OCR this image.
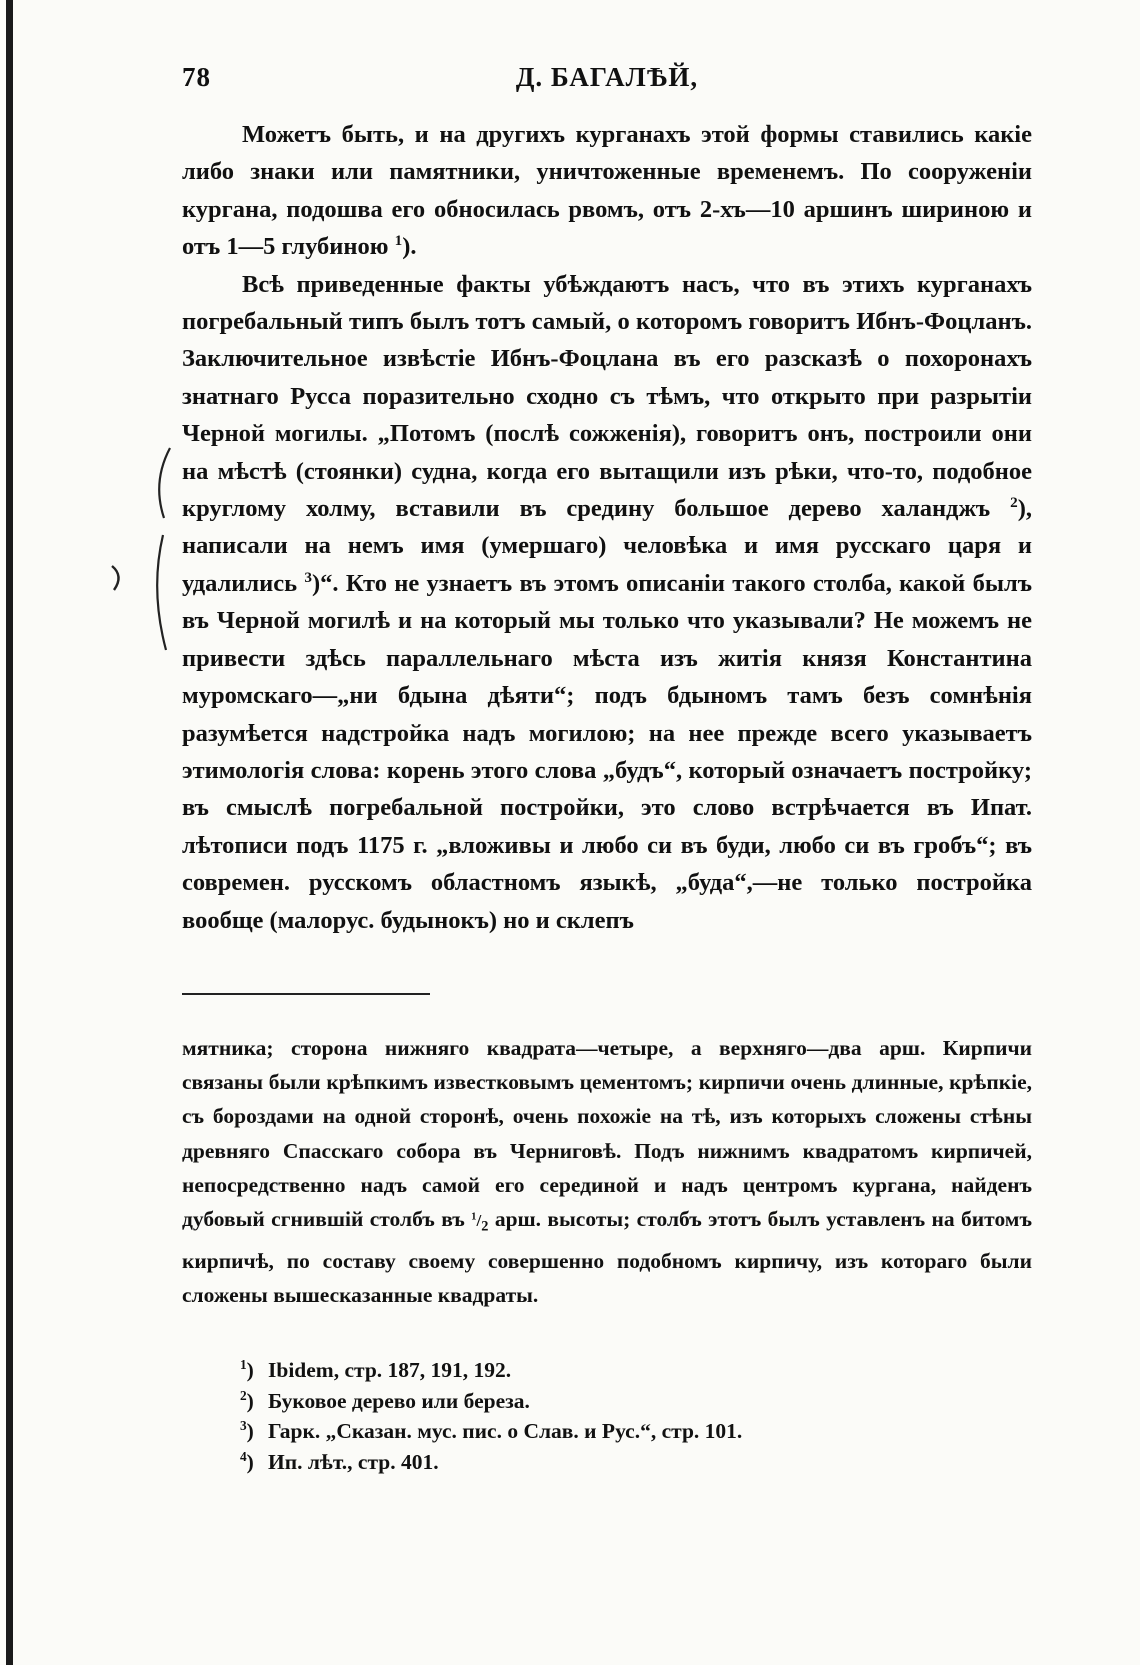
78	Д. БАГАЛѢЙ,

Можетъ быть, и на другихъ курганахъ этой формы ставились какіе либо знаки или памятники, уничтоженные временемъ. По сооруженіи кургана, подошва его обносилась рвомъ, отъ 2‑хъ—10 аршинъ шириною и отъ 1—5 глубиною $^1$).

Всѣ приведенные факты убѣждаютъ насъ, что въ этихъ курганахъ погребальный типъ былъ тотъ самый, о которомъ говоритъ Ибнъ‑Фоцланъ. Заключительное извѣстіе Ибнъ‑Фоцлана въ его разсказѣ о похоронахъ знатнаго Русса поразительно сходно съ тѣмъ, что открыто при разрытіи Черной могилы. „Потомъ (послѣ сожженія), говоритъ онъ, построили они на мѣстѣ (стоянки) судна, когда его вытащили изъ рѣки, что‑то, подобное круглому холму, вставили въ средину большое дерево халанджъ $^2$), написали на немъ имя (умершаго) человѣка и имя русскаго царя и удалились $^3$)“. Кто не узнаетъ въ этомъ описаніи такого столба, какой былъ въ Черной могилѣ и на который мы только что указывали? Не можемъ не привести здѣсь параллельнаго мѣста изъ житія князя Константина муромскаго—„ни бдына дѣяти“; подъ бдыномъ тамъ безъ сомнѣнія разумѣется надстройка надъ могилою; на нее прежде всего указываетъ этимологія слова: корень этого слова „будъ“, который означаетъ постройку; въ смыслѣ погребальной постройки, это слово встрѣчается въ Ипат. лѣтописи подъ 1175 г. „вложивы и любо си въ буди, любо си въ гробъ“; въ современ. русскомъ областномъ языкѣ, „буда“,—не только постройка вообще (малорус. будынокъ) но и склепъ

мятника; сторона нижняго квадрата—четыре, а верхняго—два арш. Кирпичи связаны были крѣпкимъ известковымъ цементомъ; кирпичи очень длинные, крѣпкіе, съ бороздами на одной сторонѣ, очень похожіе на тѣ, изъ которыхъ сложены стѣны древняго Спасскаго собора въ Черниговѣ. Подъ нижнимъ квадратомъ кирпичей, непосредственно надъ самой его серединой и надъ центромъ кургана, найденъ дубовый сгнившій столбъ въ $^1/_2$ арш. высоты; столбъ этотъ былъ уставленъ на битомъ кирпичѣ, по составу своему совершенно подобномъ кирпичу, изъ котораго были сложены вышесказанные квадраты.

$^1$) Ibidem, стр. 187, 191, 192.

$^2$) Буковое дерево или береза.

$^3$) Гарк. „Сказан. мус. пис. о Слав. и Рус.“, стр. 101.

$^4$) Ип. лѣт., стр. 401.
